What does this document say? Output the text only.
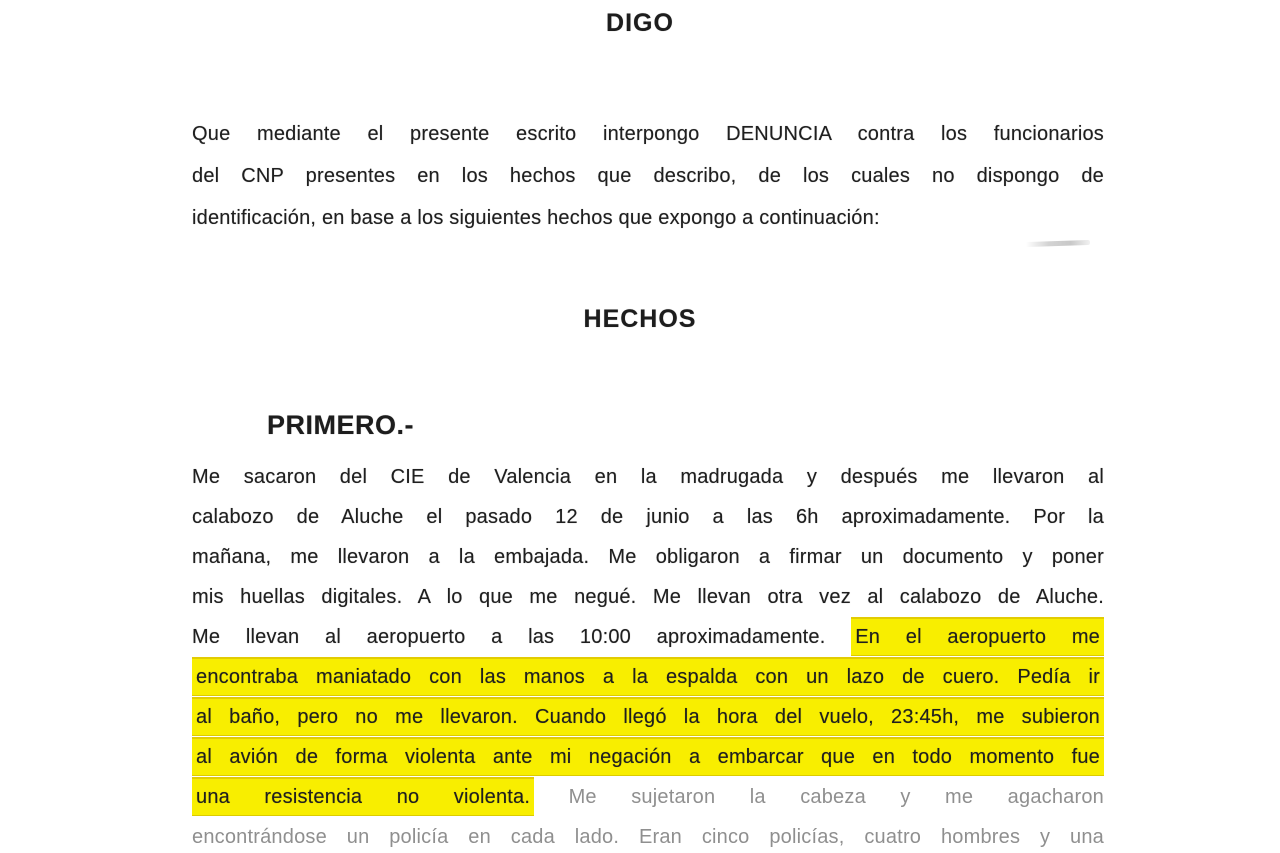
DIGO
Que mediante el presente escrito interpongo DENUNCIA contra los funcionarios
del CNP presentes en los hechos que describo, de los cuales no dispongo de
identificación, en base a los siguientes hechos que expongo a continuación:
HECHOS
PRIMERO.-
Me sacaron del CIE de Valencia en la madrugada y después me llevaron al
calabozo de Aluche el pasado 12 de junio a las 6h aproximadamente. Por la
mañana, me llevaron a la embajada. Me obligaron a firmar un documento y poner
mis huellas digitales. A lo que me negué. Me llevan otra vez al calabozo de Aluche.
Me llevan al aeropuerto a las 10:00 aproximadamente. En el aeropuerto me
encontraba maniatado con las manos a la espalda con un lazo de cuero. Pedía ir
al baño, pero no me llevaron. Cuando llegó la hora del vuelo, 23:45h, me subieron
al avión de forma violenta ante mi negación a embarcar que en todo momento fue
una resistencia no violenta. Me sujetaron la cabeza y me agacharon
encontrándose un policía en cada lado. Eran cinco policías, cuatro hombres y una
